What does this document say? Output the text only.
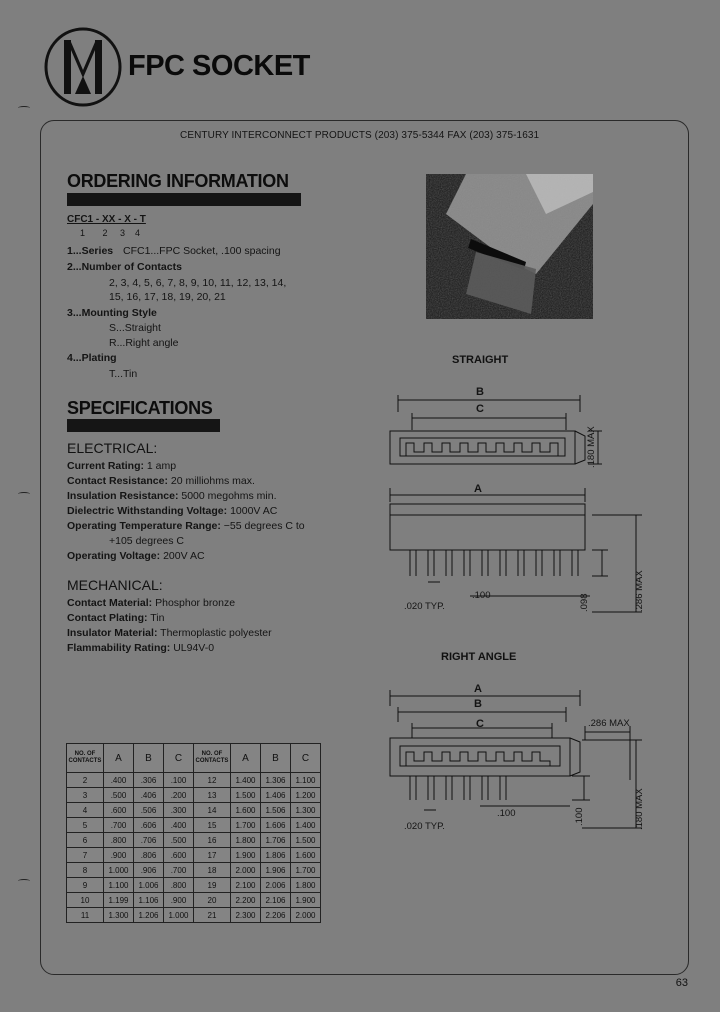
FPC SOCKET
CENTURY INTERCONNECT PRODUCTS (203) 375-5344 FAX (203) 375-1631
ORDERING INFORMATION
CFC1 - XX - X - T
1       2     3    4
1...Series CFC1...FPC Socket, .100 spacing
2...Number of Contacts
2, 3, 4, 5, 6, 7, 8, 9, 10, 11, 12, 13, 14,
15, 16, 17, 18, 19, 20, 21
3...Mounting Style
S...Straight
R...Right angle
4...Plating
T...Tin
SPECIFICATIONS
ELECTRICAL:
Current Rating: 1 amp
Contact Resistance: 20 milliohms max.
Insulation Resistance: 5000 megohms min.
Dielectric Withstanding Voltage: 1000V AC
Operating Temperature Range: −55 degrees C to
+105 degrees C
Operating Voltage: 200V AC
MECHANICAL:
Contact Material: Phosphor bronze
Contact Plating: Tin
Insulator Material: Thermoplastic polyester
Flammability Rating: UL94V-0
STRAIGHT
B
C
.180 MAX
A
.020 TYP.
.100	.098	.286 MAX
RIGHT ANGLE
A
B
C	.286 MAX
.020 TYP.
.100	.100	.180 MAX
NO. OF CONTACTS	A	B	C	NO. OF CONTACTS	A	B	C
2	.400	.306	.100	12	1.400	1.306	1.100
3	.500	.406	.200	13	1.500	1.406	1.200
4	.600	.506	.300	14	1.600	1.506	1.300
5	.700	.606	.400	15	1.700	1.606	1.400
6	.800	.706	.500	16	1.800	1.706	1.500
7	.900	.806	.600	17	1.900	1.806	1.600
8	1.000	.906	.700	18	2.000	1.906	1.700
9	1.100	1.006	.800	19	2.100	2.006	1.800
10	1.199	1.106	.900	20	2.200	2.106	1.900
11	1.300	1.206	1.000	21	2.300	2.206	2.000
63
